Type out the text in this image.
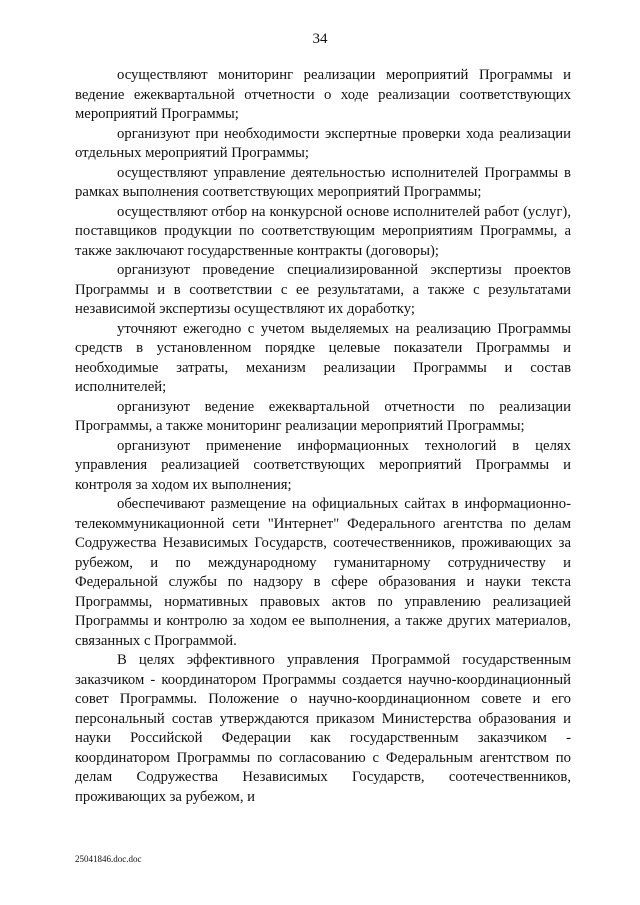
34

осуществляют мониторинг реализации мероприятий Программы и ведение ежеквартальной отчетности о ходе реализации соответствующих мероприятий Программы;

организуют при необходимости экспертные проверки хода реализации отдельных мероприятий Программы;

осуществляют управление деятельностью исполнителей Программы в рамках выполнения соответствующих мероприятий Программы;

осуществляют отбор на конкурсной основе исполнителей работ (услуг), поставщиков продукции по соответствующим мероприятиям Программы, а также заключают государственные контракты (договоры);

организуют проведение специализированной экспертизы проектов Программы и в соответствии с ее результатами, а также с результатами независимой экспертизы осуществляют их доработку;

уточняют ежегодно с учетом выделяемых на реализацию Программы средств в установленном порядке целевые показатели Программы и необходимые затраты, механизм реализации Программы и состав исполнителей;

организуют ведение ежеквартальной отчетности по реализации Программы, а также мониторинг реализации мероприятий Программы;

организуют применение информационных технологий в целях управления реализацией соответствующих мероприятий Программы и контроля за ходом их выполнения;

обеспечивают размещение на официальных сайтах в информационно-телекоммуникационной сети "Интернет" Федерального агентства по делам Содружества Независимых Государств, соотечественников, проживающих за рубежом, и по международному гуманитарному сотрудничеству и Федеральной службы по надзору в сфере образования и науки текста Программы, нормативных правовых актов по управлению реализацией Программы и контролю за ходом ее выполнения, а также других материалов, связанных с Программой.

В целях эффективного управления Программой государственным заказчиком - координатором Программы создается научно-координационный совет Программы. Положение о научно-координационном совете и его персональный состав утверждаются приказом Министерства образования и науки Российской Федерации как государственным заказчиком - координатором Программы по согласованию с Федеральным агентством по делам Содружества Независимых Государств, соотечественников, проживающих за рубежом, и

25041846.doc.doc
